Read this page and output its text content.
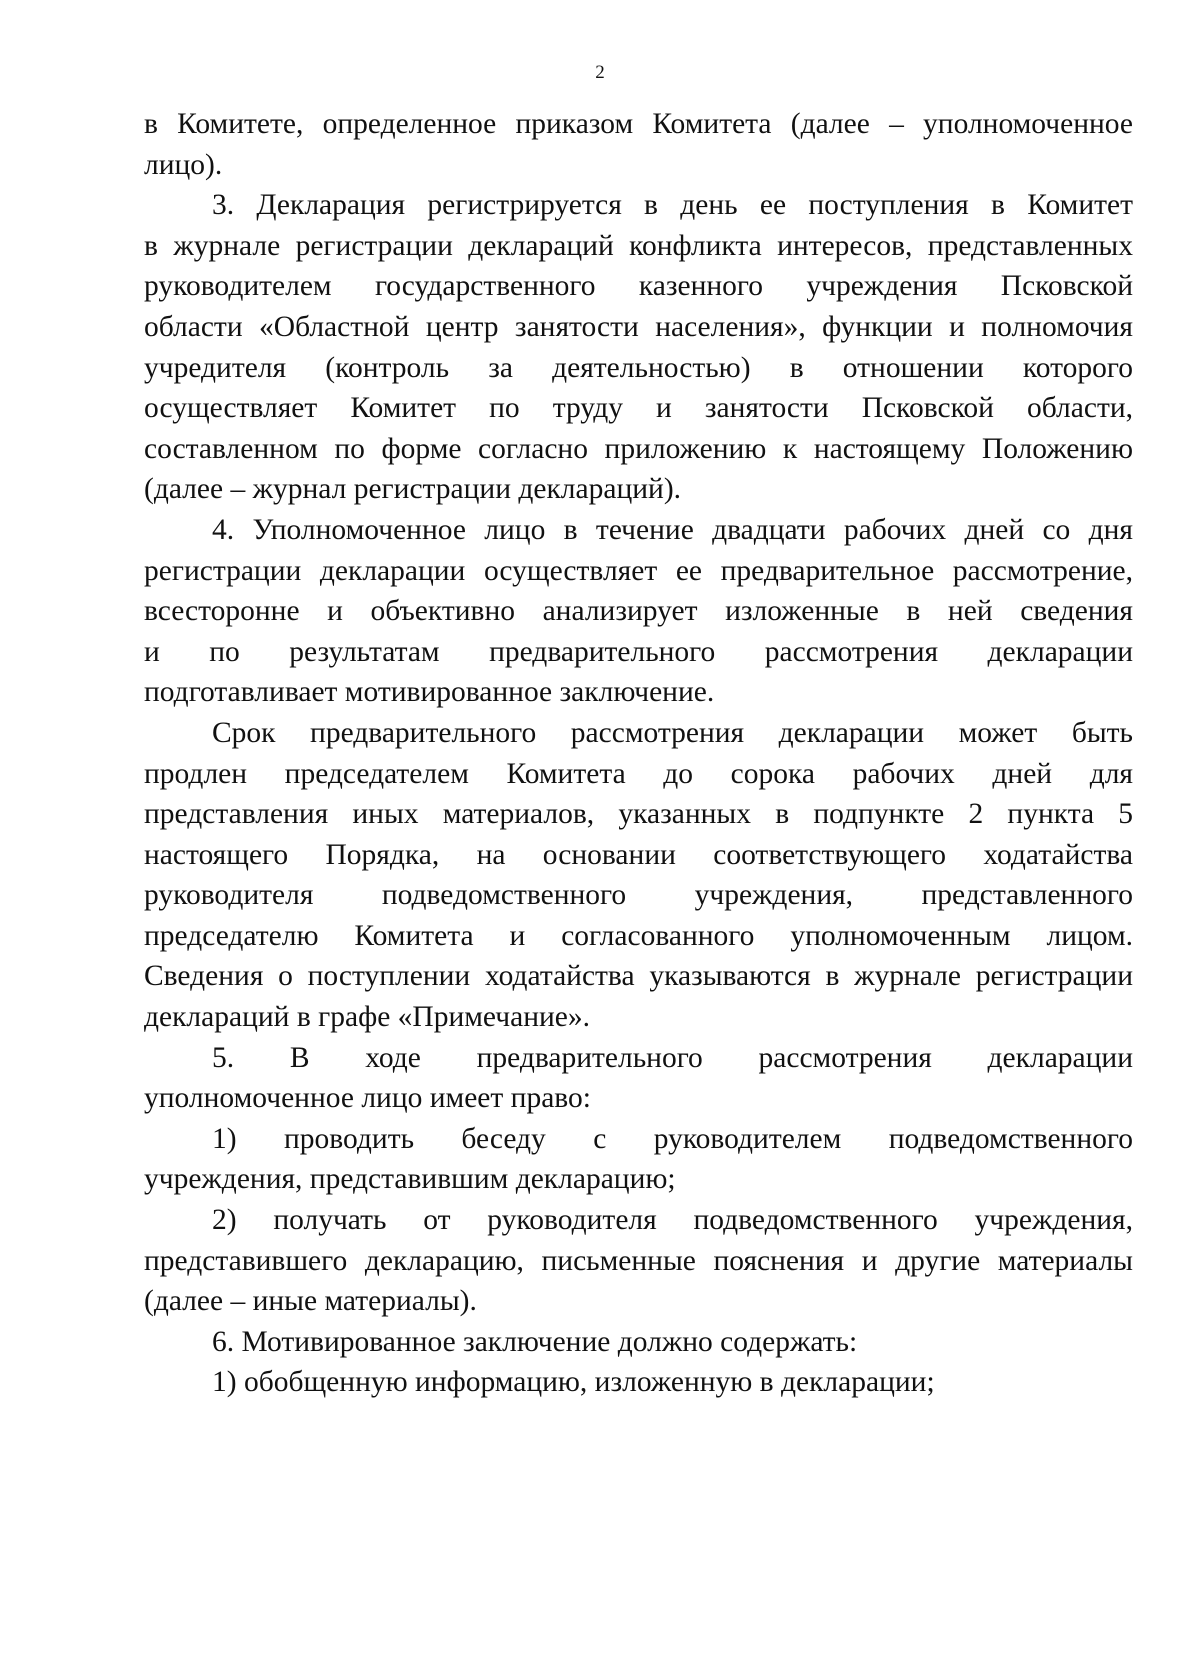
2
в Комитете, определенное приказом Комитета (далее – уполномоченное
лицо).
3. Декларация регистрируется в день ее поступления в Комитет
в журнале регистрации деклараций конфликта интересов, представленных
руководителем государственного казенного учреждения Псковской
области «Областной центр занятости населения», функции и полномочия
учредителя (контроль за деятельностью) в отношении которого
осуществляет Комитет по труду и занятости Псковской области,
составленном по форме согласно приложению к настоящему Положению
(далее – журнал регистрации деклараций).
4. Уполномоченное лицо в течение двадцати рабочих дней со дня
регистрации декларации осуществляет ее предварительное рассмотрение,
всесторонне и объективно анализирует изложенные в ней сведения
и по результатам предварительного рассмотрения декларации
подготавливает мотивированное заключение.
Срок предварительного рассмотрения декларации может быть
продлен председателем Комитета до сорока рабочих дней для
представления иных материалов, указанных в подпункте 2 пункта 5
настоящего Порядка, на основании соответствующего ходатайства
руководителя подведомственного учреждения, представленного
председателю Комитета и согласованного уполномоченным лицом.
Сведения о поступлении ходатайства указываются в журнале регистрации
деклараций в графе «Примечание».
5. В ходе предварительного рассмотрения декларации
уполномоченное лицо имеет право:
1) проводить беседу с руководителем подведомственного
учреждения, представившим декларацию;
2) получать от руководителя подведомственного учреждения,
представившего декларацию, письменные пояснения и другие материалы
(далее – иные материалы).
6. Мотивированное заключение должно содержать:
1) обобщенную информацию, изложенную в декларации;
